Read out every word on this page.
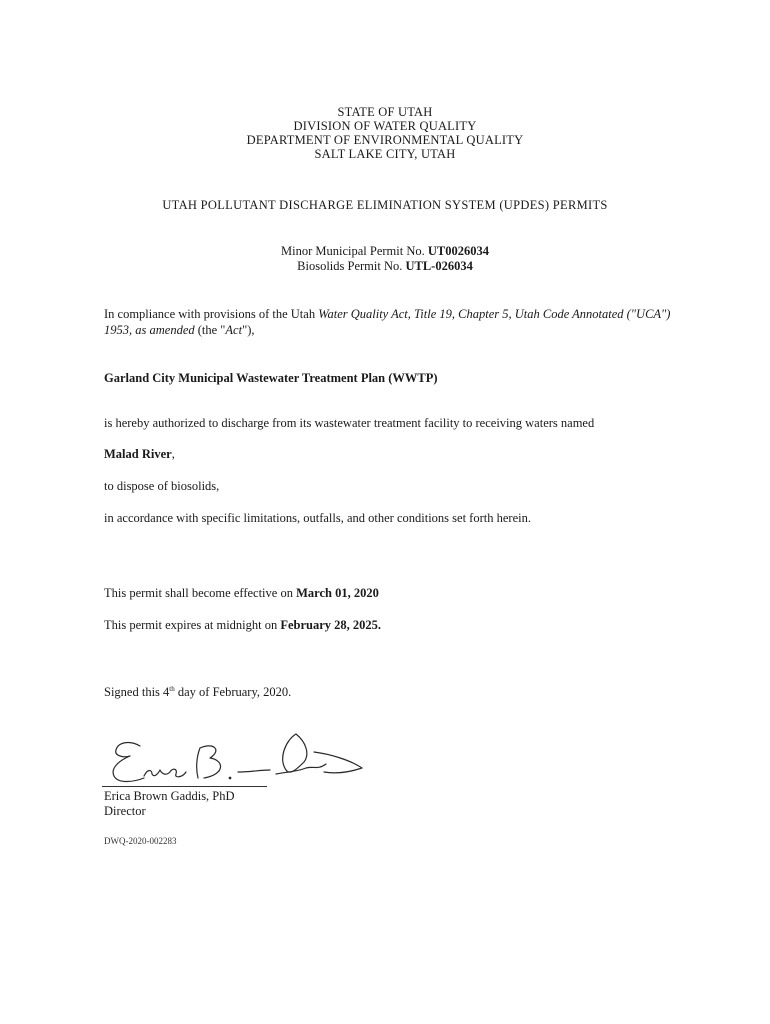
STATE OF UTAH
DIVISION OF WATER QUALITY
DEPARTMENT OF ENVIRONMENTAL QUALITY
SALT LAKE CITY, UTAH
UTAH POLLUTANT DISCHARGE ELIMINATION SYSTEM (UPDES) PERMITS
Minor Municipal Permit No. UT0026034
Biosolids Permit No. UTL-026034
In compliance with provisions of the Utah Water Quality Act, Title 19, Chapter 5, Utah Code Annotated ("UCA") 1953, as amended (the "Act"),
Garland City Municipal Wastewater Treatment Plan (WWTP)
is hereby authorized to discharge from its wastewater treatment facility to receiving waters named
Malad River,
to dispose of biosolids,
in accordance with specific limitations, outfalls, and other conditions set forth herein.
This permit shall become effective on March 01, 2020
This permit expires at midnight on February 28, 2025.
Signed this 4th day of February, 2020.
Erica Brown Gaddis, PhD
Director
DWQ-2020-002283
